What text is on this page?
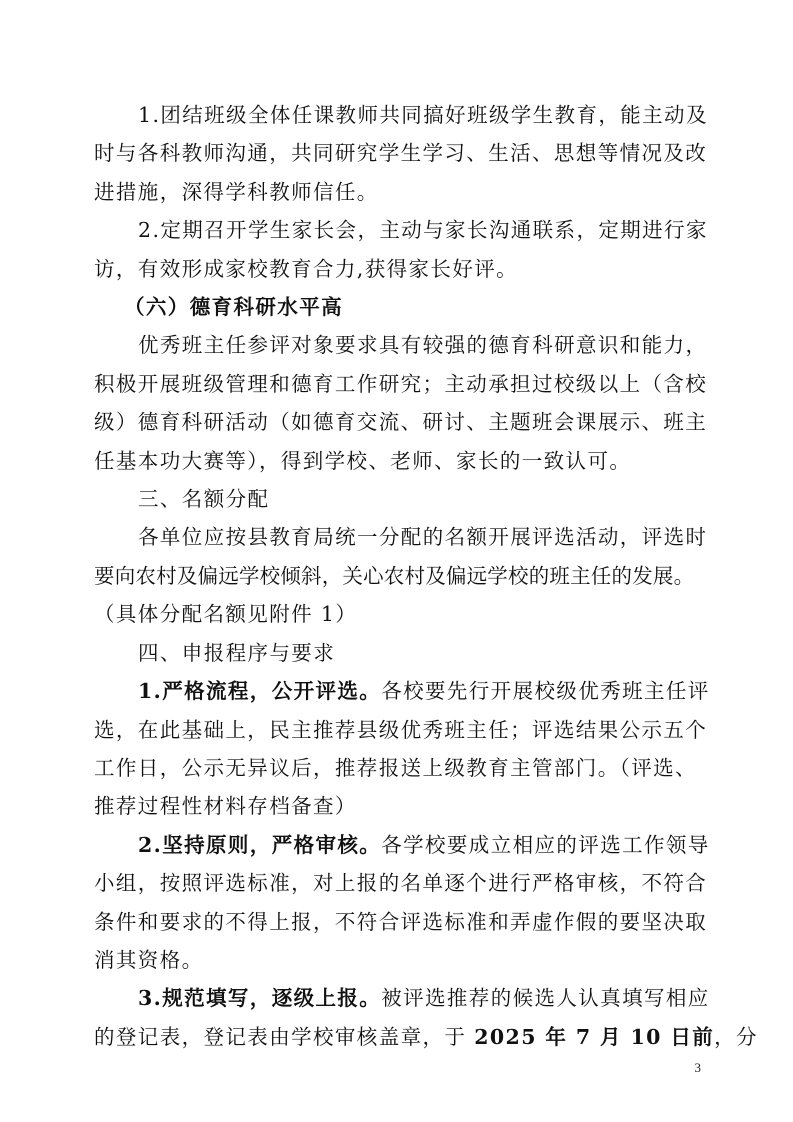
1.团结班级全体任课教师共同搞好班级学生教育，能主动及
时与各科教师沟通，共同研究学生学习、生活、思想等情况及改
进措施，深得学科教师信任。

2.定期召开学生家长会，主动与家长沟通联系，定期进行家
访，有效形成家校教育合力,获得家长好评。

（六）德育科研水平高

优秀班主任参评对象要求具有较强的德育科研意识和能力，
积极开展班级管理和德育工作研究；主动承担过校级以上（含校
级）德育科研活动（如德育交流、研讨、主题班会课展示、班主
任基本功大赛等），得到学校、老师、家长的一致认可。

三、名额分配

各单位应按县教育局统一分配的名额开展评选活动，评选时
要向农村及偏远学校倾斜，关心农村及偏远学校的班主任的发展。
（具体分配名额见附件 1）

四、申报程序与要求

1.严格流程，公开评选。各校要先行开展校级优秀班主任评
选，在此基础上，民主推荐县级优秀班主任；评选结果公示五个
工作日，公示无异议后，推荐报送上级教育主管部门。（评选、
推荐过程性材料存档备查）

2.坚持原则，严格审核。各学校要成立相应的评选工作领导
小组，按照评选标准，对上报的名单逐个进行严格审核，不符合
条件和要求的不得上报，不符合评选标准和弄虚作假的要坚决取
消其资格。

3.规范填写，逐级上报。被评选推荐的候选人认真填写相应
的登记表，登记表由学校审核盖章，于 2025 年 7 月 10 日前，分

3
